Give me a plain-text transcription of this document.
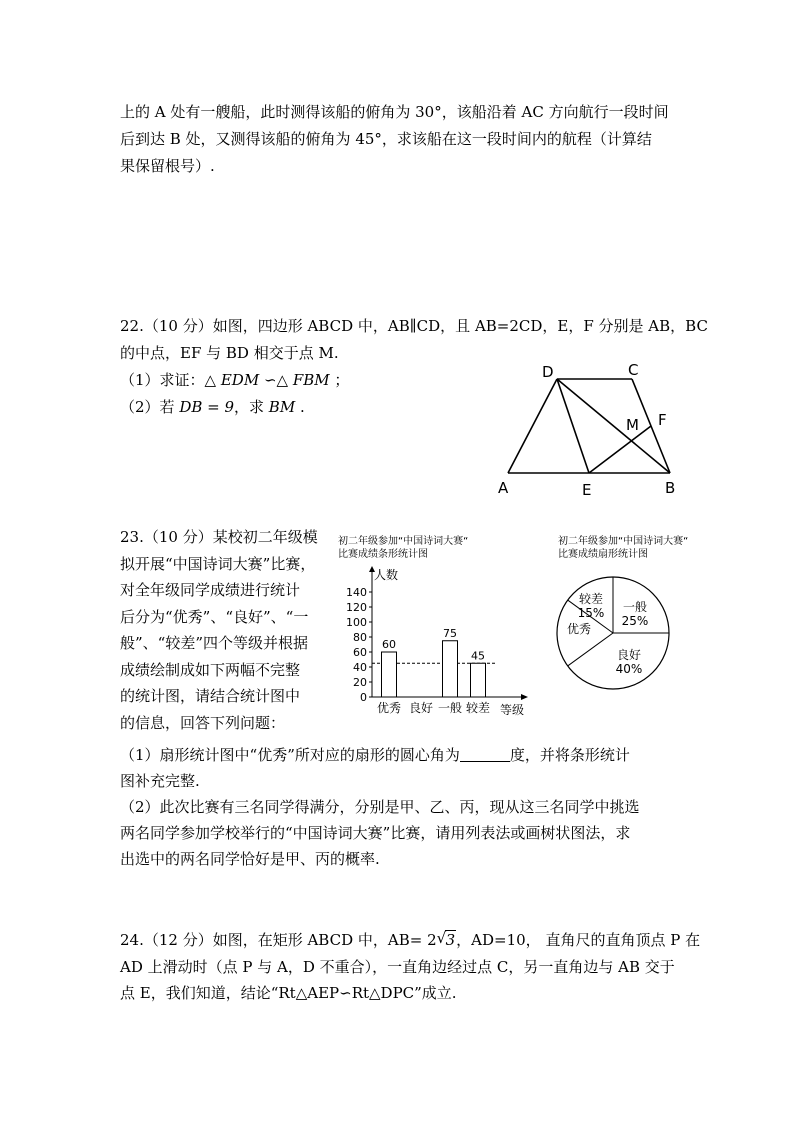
上的 A 处有一艘船，此时测得该船的俯角为 30°，该船沿着 AC 方向航行一段时间
后到达 B 处，又测得该船的俯角为 45°，求该船在这一段时间内的航程（计算结
果保留根号）.
22.（10 分）如图，四边形 ABCD 中，AB∥CD，且 AB=2CD，E，F 分别是 AB，BC
的中点，EF 与 BD 相交于点 M.
（1）求证：△ EDM ∽△ FBM ；
（2）若 DB = 9，求 BM .
D	C
M F
A	E	B
23.（10 分）某校初二年级模
拟开展“中国诗词大赛”比赛，
对全年级同学成绩进行统计
后分为“优秀”、“良好”、“一
般”、“较差”四个等级并根据
成绩绘制成如下两幅不完整
的统计图，请结合统计图中
的信息，回答下列问题：
初二年级参加“中国诗词大赛“
比赛成绩条形统计图
人数
等级
0
20
40
60
80
100
120
140
60
优秀 良好
75
一般
45
较差
初二年级参加“中国诗词大赛“
比赛成绩扇形统计图
一般
25%
良好
40%
优秀
较差
15%
（1）扇形统计图中“优秀”所对应的扇形的圆心角为	度，并将条形统计
图补充完整.
（2）此次比赛有三名同学得满分，分别是甲、乙、丙，现从这三名同学中挑选
两名同学参加学校举行的“中国诗词大赛”比赛，请用列表法或画树状图法，求
出选中的两名同学恰好是甲、丙的概率.
24.（12 分）如图，在矩形 ABCD 中，AB= 2 √ 3，AD=10， 直角尺的直角顶点 P 在
AD 上滑动时（点 P 与 A，D 不重合），一直角边经过点 C，另一直角边与 AB 交于
点 E，我们知道，结论“Rt△AEP∽Rt△DPC”成立.
